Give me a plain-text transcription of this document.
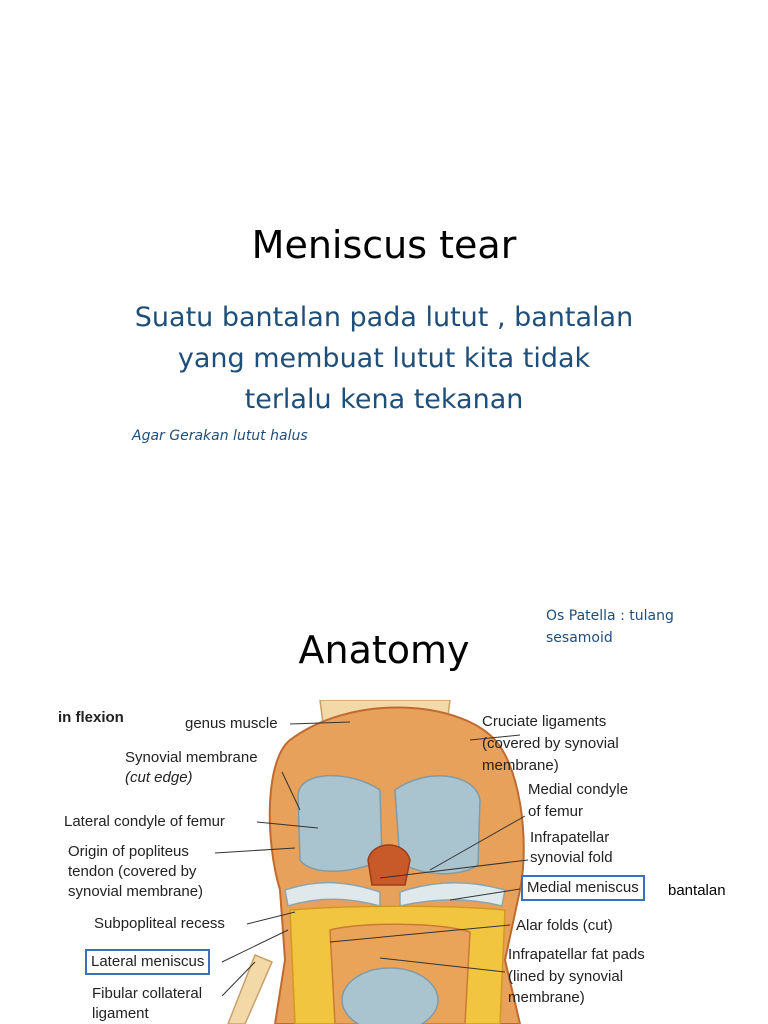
Meniscus tear
Suatu bantalan pada lutut , bantalan
yang membuat lutut kita tidak
terlalu kena tekanan
Agar Gerakan lutut halus
Os Patella : tulang
sesamoid
Anatomy
in flexion	genus muscle
Synovial membrane
(cut edge)
Lateral condyle of femur
Origin of popliteus
tendon (covered by
synovial membrane)
Subpopliteal recess
Lateral meniscus
Fibular collateral
ligament
Cruciate ligaments
(covered by synovial
membrane)
Medial condyle
of femur
Infrapatellar
synovial fold
Medial meniscus
Alar folds (cut)
Infrapatellar fat pads
(lined by synovial
membrane)
bantalan
